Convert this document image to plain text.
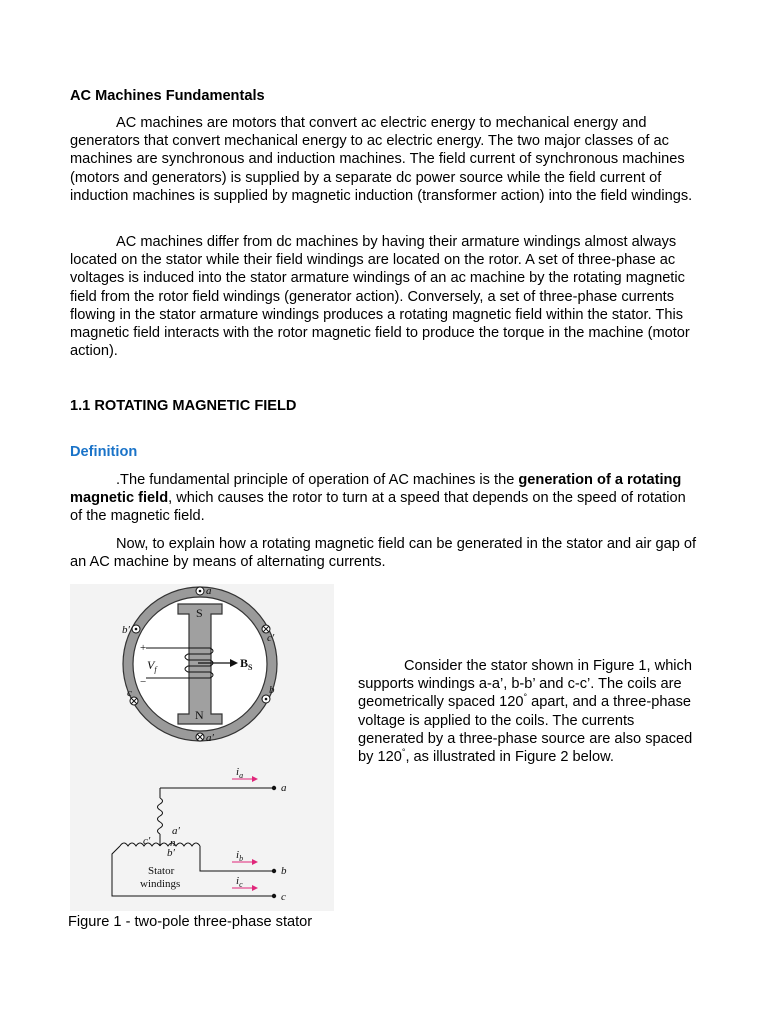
AC Machines Fundamentals

AC machines are motors that convert ac electric energy to mechanical energy and generators that convert mechanical energy to ac electric energy. The two major classes of ac machines are synchronous and induction machines. The field current of synchronous machines (motors and generators) is supplied by a separate dc power source while the field current of induction machines is supplied by magnetic induction (transformer action) into the field windings.

AC machines differ from dc machines by having their armature windings almost always located on the stator while their field windings are located on the rotor. A set of three-phase ac voltages is induced into the stator armature windings of an ac machine by the rotating magnetic field from the rotor field windings (generator action). Conversely, a set of three-phase currents flowing in the stator armature windings produces a rotating magnetic field within the stator. This magnetic field interacts with the rotor magnetic field to produce the torque in the machine (motor action).

1.1 ROTATING MAGNETIC FIELD

Definition

.The fundamental principle of operation of AC machines is the generation of a rotating magnetic field, which causes the rotor to turn at a speed that depends on the speed of rotation of the magnetic field.

Now, to explain how a rotating magnetic field can be generated in the stator and air gap of an AC machine by means of alternating currents.

a
a′
b′
b
c′
c
S
N
+
−
$V_f$	$B_S$
$i_a$
$i_b$
$i_c$
a
b
c
a′
c′
b′
n
Stator
windings

Consider the stator shown in Figure 1, which supports windings a-a’, b-b’ and c-c’. The coils are geometrically spaced 120° apart, and a three-phase voltage is applied to the coils. The currents generated by a three-phase source are also spaced by 120°, as illustrated in Figure 2 below.

Figure 1 - two-pole three-phase stator
